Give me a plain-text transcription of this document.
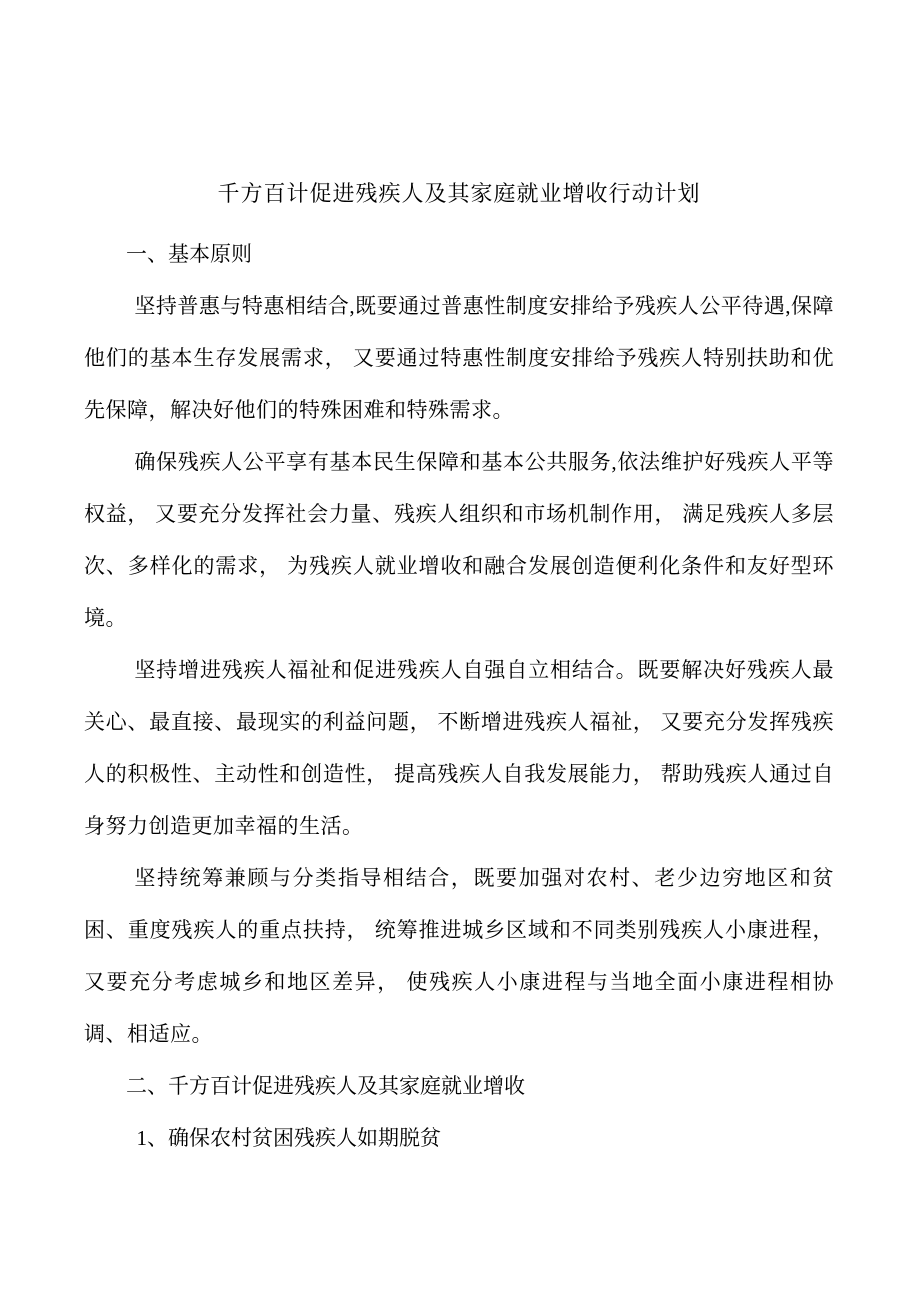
千方百计促进残疾人及其家庭就业增收行动计划

一、基本原则

坚持普惠与特惠相结合,既要通过普惠性制度安排给予残疾人公平待遇,保障他们的基本生存发展需求， 又要通过特惠性制度安排给予残疾人特别扶助和优先保障，解决好他们的特殊困难和特殊需求。

确保残疾人公平享有基本民生保障和基本公共服务,依法维护好残疾人平等权益， 又要充分发挥社会力量、残疾人组织和市场机制作用， 满足残疾人多层次、多样化的需求， 为残疾人就业增收和融合发展创造便利化条件和友好型环境。

坚持增进残疾人福祉和促进残疾人自强自立相结合。既要解决好残疾人最关心、最直接、最现实的利益问题， 不断增进残疾人福祉， 又要充分发挥残疾人的积极性、主动性和创造性， 提高残疾人自我发展能力， 帮助残疾人通过自身努力创造更加幸福的生活。

坚持统筹兼顾与分类指导相结合，既要加强对农村、老少边穷地区和贫困、重度残疾人的重点扶持， 统筹推进城乡区域和不同类别残疾人小康进程， 又要充分考虑城乡和地区差异， 使残疾人小康进程与当地全面小康进程相协调、相适应。

二、千方百计促进残疾人及其家庭就业增收

1、确保农村贫困残疾人如期脱贫
